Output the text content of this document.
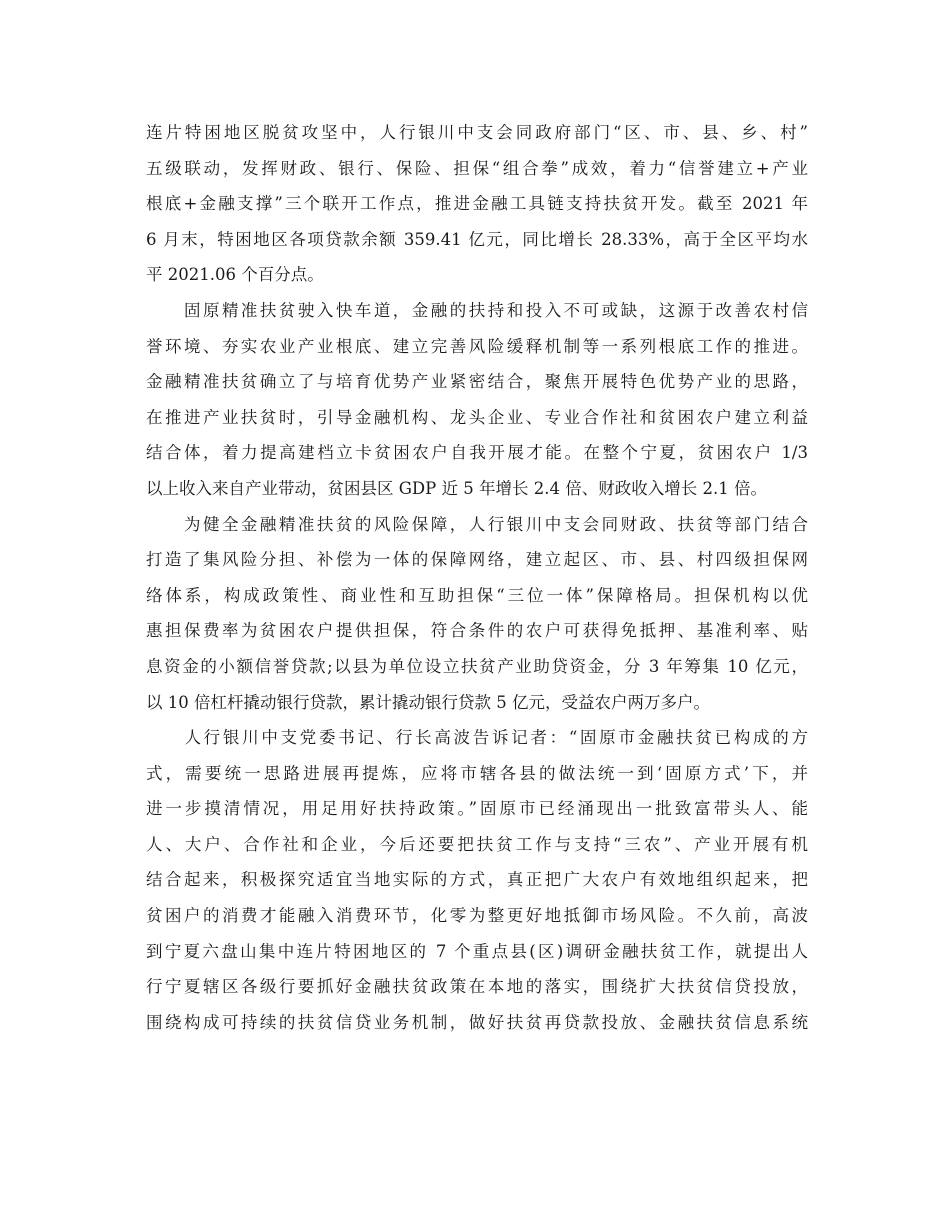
连片特困地区脱贫攻坚中，人行银川中支会同政府部门“区、市、县、乡、村”
五级联动，发挥财政、银行、保险、担保“组合拳”成效，着力“信誉建立+产业
根底+金融支撑”三个联开工作点，推进金融工具链支持扶贫开发。截至 2021 年
6 月末，特困地区各项贷款余额 359.41 亿元，同比增长 28.33%，高于全区平均水
平 2021.06 个百分点。

　　固原精准扶贫驶入快车道，金融的扶持和投入不可或缺，这源于改善农村信
誉环境、夯实农业产业根底、建立完善风险缓释机制等一系列根底工作的推进。
金融精准扶贫确立了与培育优势产业紧密结合，聚焦开展特色优势产业的思路，
在推进产业扶贫时，引导金融机构、龙头企业、专业合作社和贫困农户建立利益
结合体，着力提高建档立卡贫困农户自我开展才能。在整个宁夏，贫困农户 1/3
以上收入来自产业带动，贫困县区 GDP 近 5 年增长 2.4 倍、财政收入增长 2.1 倍。

　　为健全金融精准扶贫的风险保障，人行银川中支会同财政、扶贫等部门结合
打造了集风险分担、补偿为一体的保障网络，建立起区、市、县、村四级担保网
络体系，构成政策性、商业性和互助担保“三位一体”保障格局。担保机构以优
惠担保费率为贫困农户提供担保，符合条件的农户可获得免抵押、基准利率、贴
息资金的小额信誉贷款;以县为单位设立扶贫产业助贷资金，分 3 年筹集 10 亿元，
以 10 倍杠杆撬动银行贷款，累计撬动银行贷款 5 亿元，受益农户两万多户。

　　人行银川中支党委书记、行长高波告诉记者：“固原市金融扶贫已构成的方
式，需要统一思路进展再提炼，应将市辖各县的做法统一到‘固原方式’下，并
进一步摸清情况，用足用好扶持政策。”固原市已经涌现出一批致富带头人、能
人、大户、合作社和企业，今后还要把扶贫工作与支持“三农”、产业开展有机
结合起来，积极探究适宜当地实际的方式，真正把广大农户有效地组织起来，把
贫困户的消费才能融入消费环节，化零为整更好地抵御市场风险。不久前，高波
到宁夏六盘山集中连片特困地区的 7 个重点县(区)调研金融扶贫工作，就提出人
行宁夏辖区各级行要抓好金融扶贫政策在本地的落实，围绕扩大扶贫信贷投放，
围绕构成可持续的扶贫信贷业务机制，做好扶贫再贷款投放、金融扶贫信息系统
